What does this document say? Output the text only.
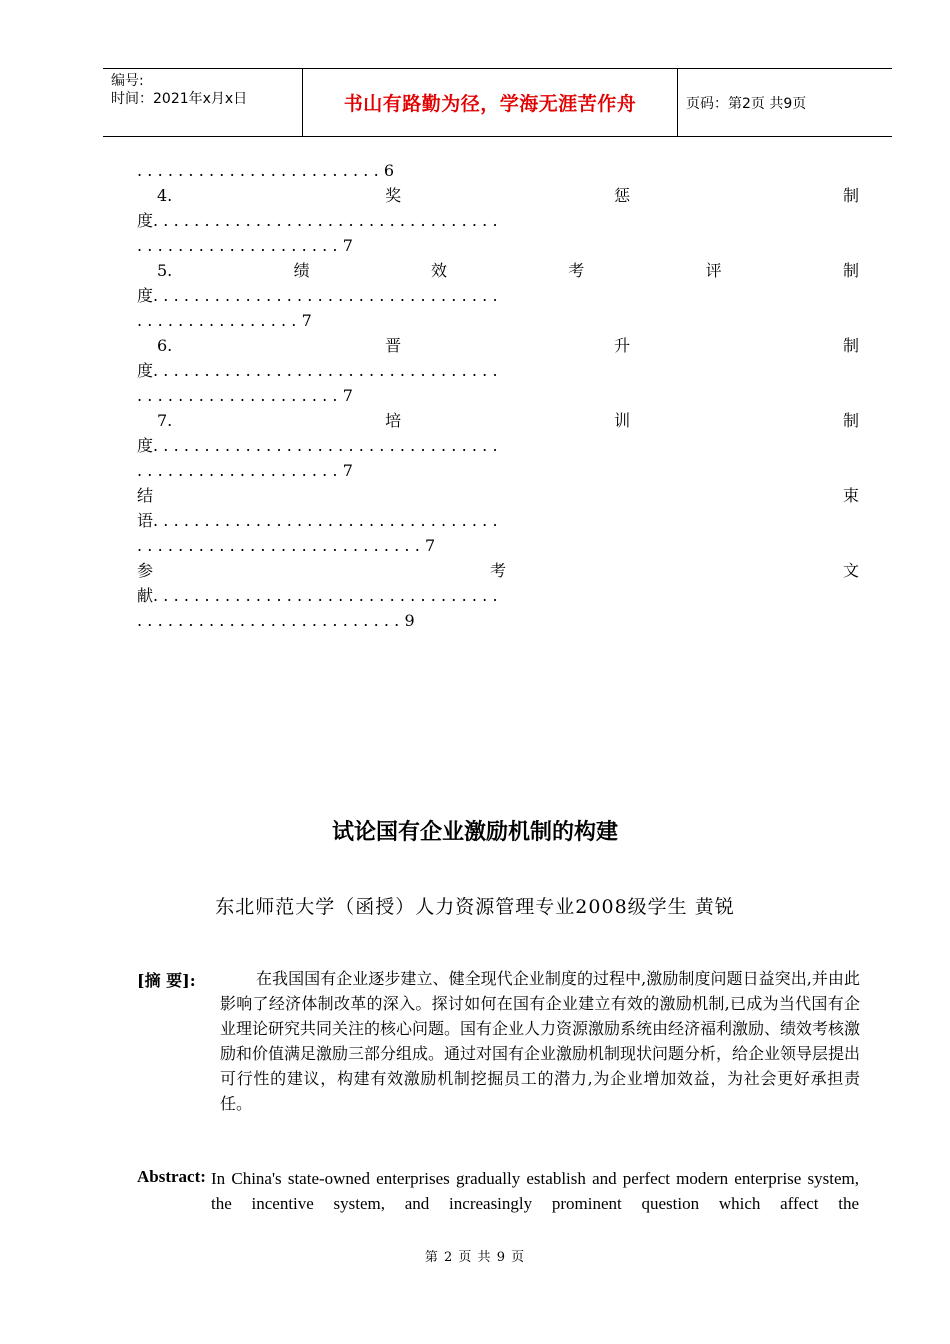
编号:
时间：2021年x月x日	书山有路勤为径，学海无涯苦作舟	页码：第2页 共9页
........................6
4.	奖	惩	制
度..................................
....................7
5.	绩	效	考	评	制
度..................................
................7
6.	晋	升	制
度..................................
....................7
7.	培	训	制
度..................................
....................7
结	束
语..................................
............................7
参	考	文
献..................................
..........................9
试论国有企业激励机制的构建
东北师范大学（函授）人力资源管理专业2008级学生 黄锐
[摘 要]:	在我国国有企业逐步建立、健全现代企业制度的过程中,激励制度问题日益突出,并由此影响了经济体制改革的深入。探讨如何在国有企业建立有效的激励机制,已成为当代国有企业理论研究共同关注的核心问题。国有企业人力资源激励系统由经济福利激励、绩效考核激励和价值满足激励三部分组成。通过对国有企业激励机制现状问题分析，给企业领导层提出可行性的建议，构建有效激励机制挖掘员工的潜力,为企业增加效益，为社会更好承担责任。
Abstract: In China's state-owned enterprises gradually establish and perfect modern enterprise system, the incentive system, and increasingly prominent question which affect the
第 2 页 共 9 页
